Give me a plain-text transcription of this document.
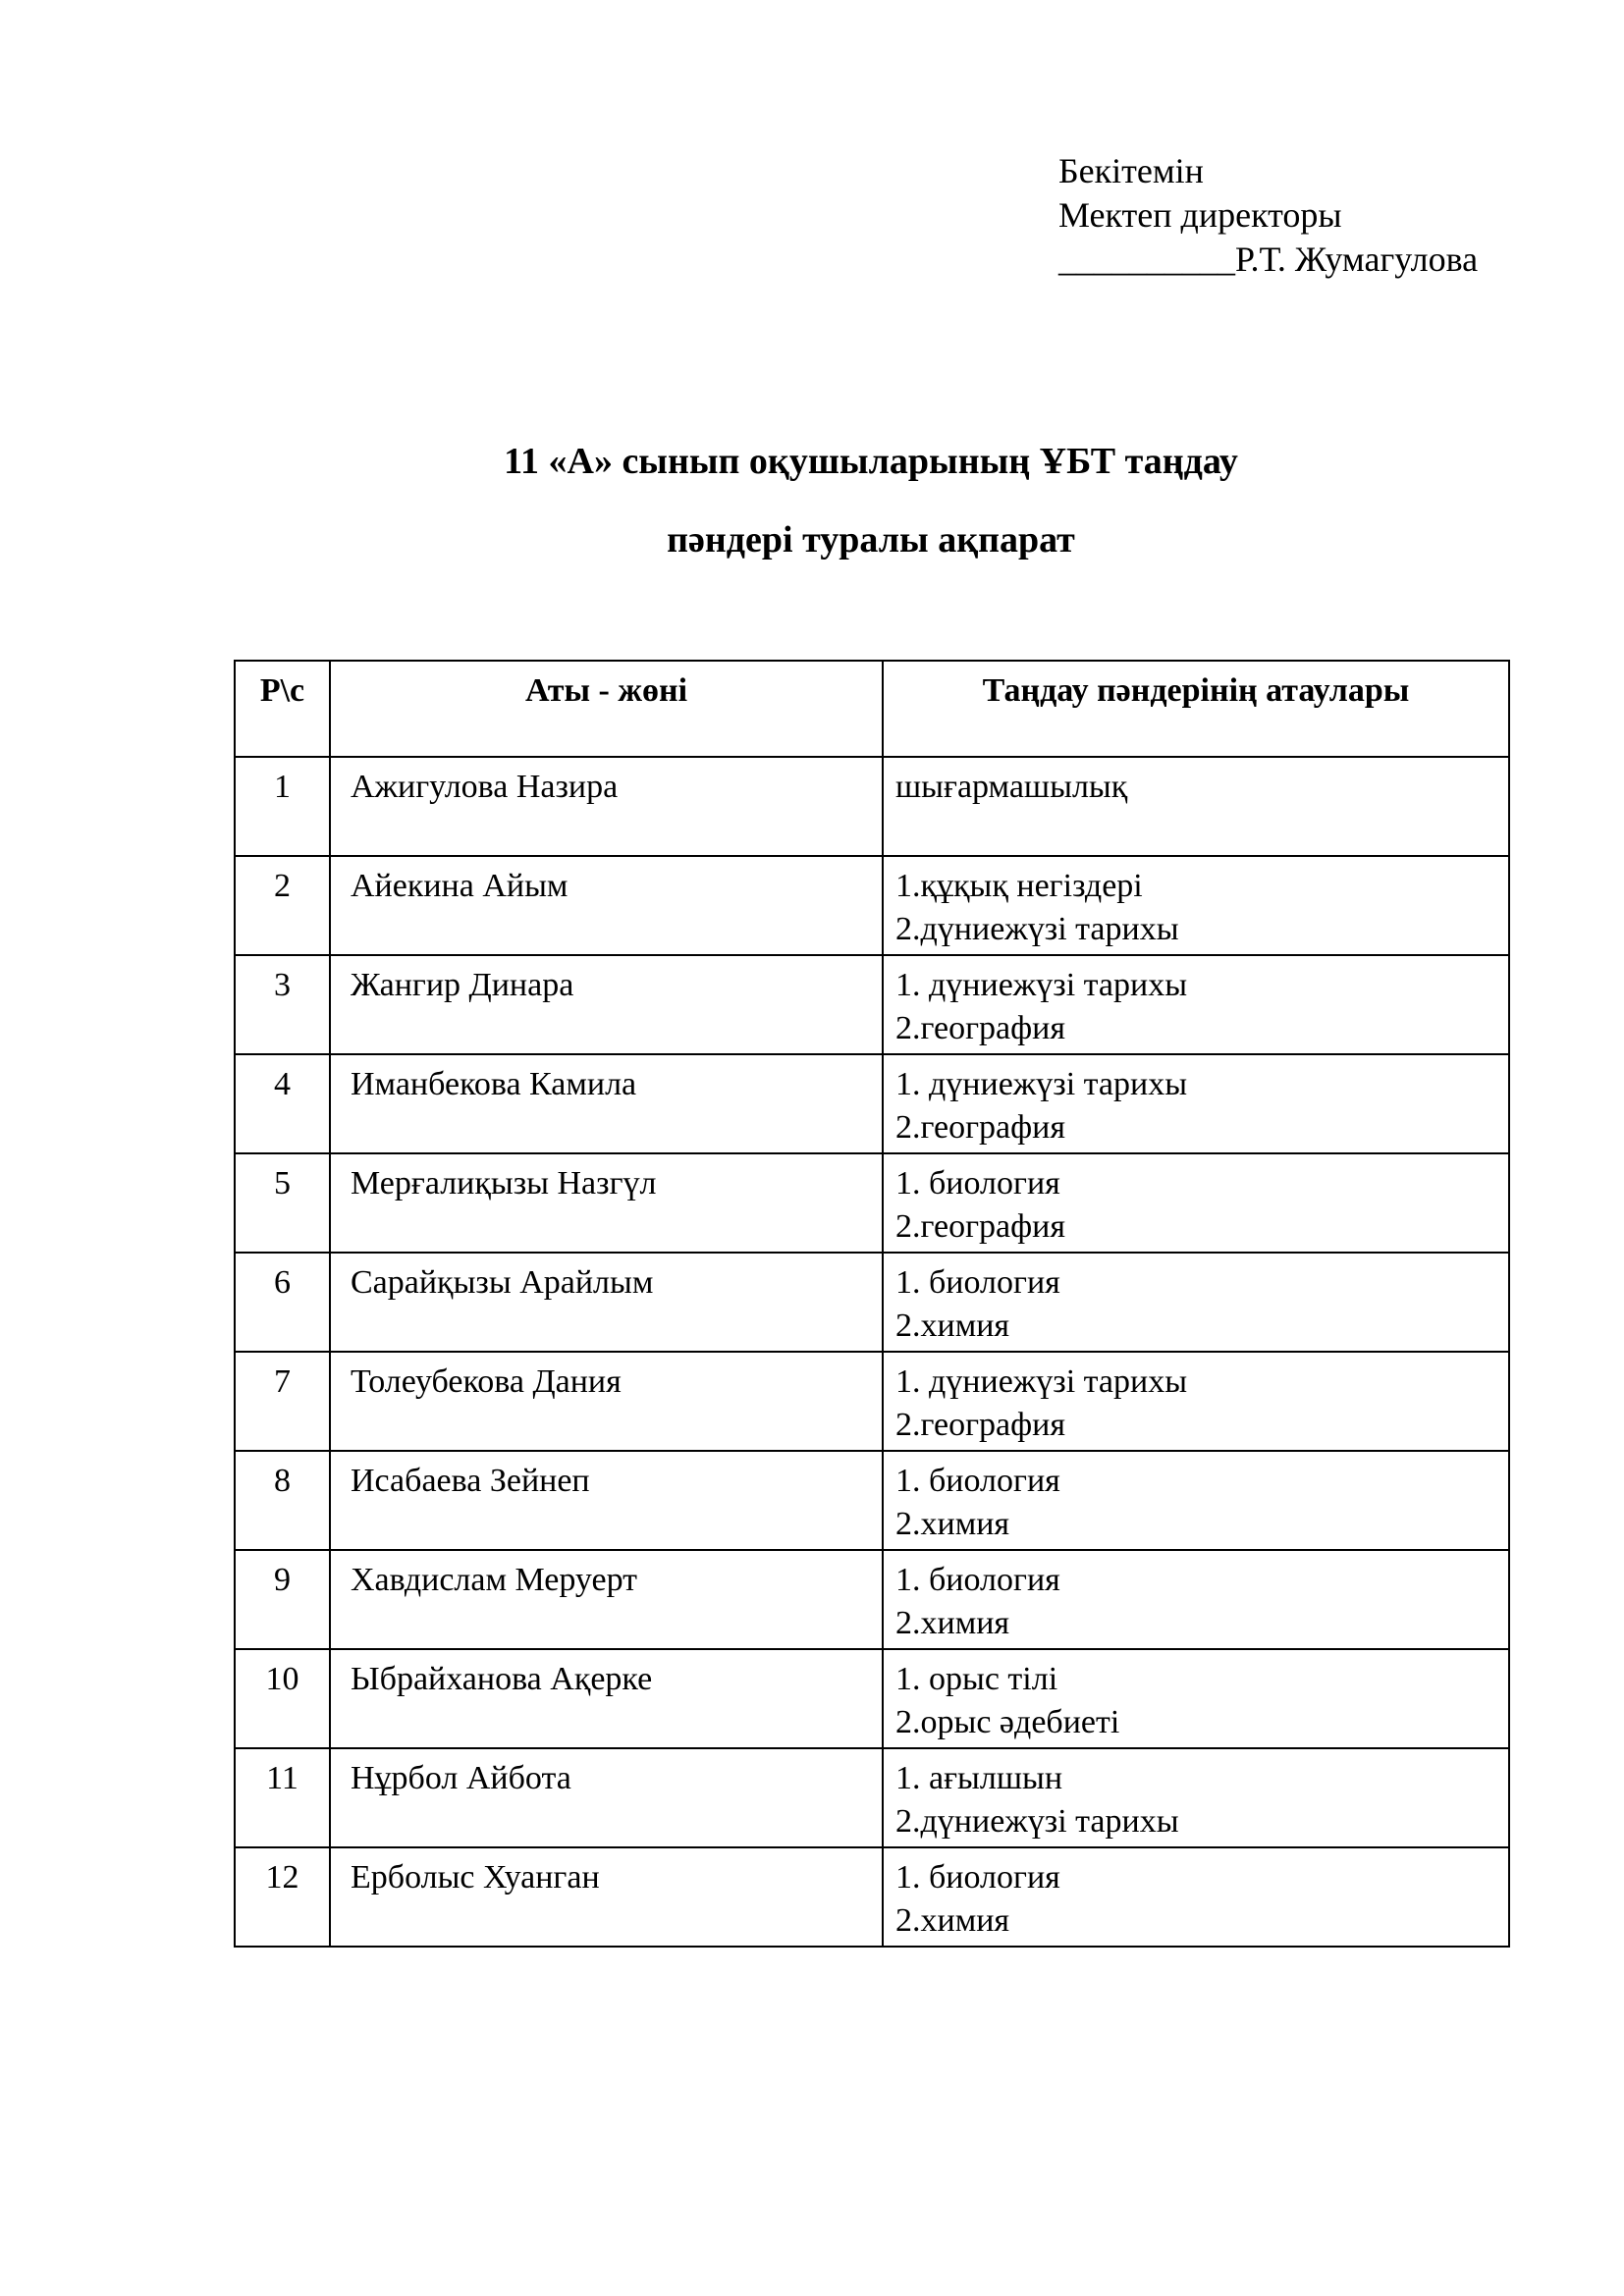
Бекітемін
Мектеп директоры
__________Р.Т. Жумагулова
11 «А» сынып оқушыларының ҰБТ таңдау
пәндері туралы ақпарат
Р\с	Аты - жөні	Таңдау пәндерінің атаулары
1	Ажигулова Назира	шығармашылық

2	Айекина Айым	1.құқық негіздері
2.дүниежүзі тарихы

3	Жангир Динара	1. дүниежүзі тарихы
2.география

4	Иманбекова Камила	1. дүниежүзі тарихы
2.география

5	Мерғалиқызы Назгүл	1. биология
2.география

6	Сарайқызы Арайлым	1. биология
2.химия

7	Толеубекова Дания	1. дүниежүзі тарихы
2.география

8	Исабаева Зейнеп	1. биология
2.химия

9	Хавдислам Меруерт	1. биология
2.химия

10	Ыбрайханова Ақерке	1. орыс тілі
2.орыс әдебиеті

11	Нұрбол Айбота	1. ағылшын
2.дүниежүзі тарихы

12	Ерболыс Хуанган	1. биология
2.химия
